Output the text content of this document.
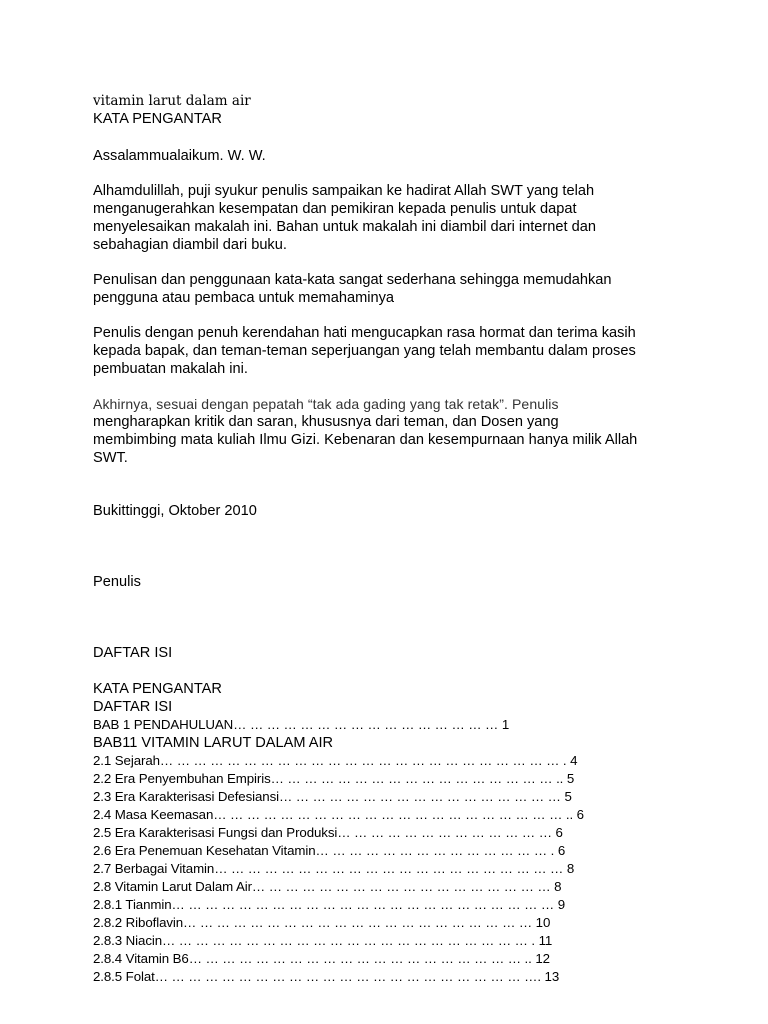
vitamin larut dalam air
KATA PENGANTAR
Assalammualaikum. W. W.
Alhamdulillah, puji syukur penulis sampaikan ke hadirat Allah SWT yang telah
menganugerahkan kesempatan dan pemikiran kepada penulis untuk dapat
menyelesaikan makalah ini. Bahan untuk makalah ini diambil dari internet dan
sebahagian diambil dari buku.
Penulisan dan penggunaan kata-kata sangat sederhana sehingga memudahkan
pengguna atau pembaca untuk memahaminya
Penulis dengan penuh kerendahan hati mengucapkan rasa hormat dan terima kasih
kepada bapak, dan teman-teman seperjuangan yang telah membantu dalam proses
pembuatan makalah ini.
Akhirnya, sesuai dengan pepatah “tak ada gading yang tak retak”. Penulis
mengharapkan kritik dan saran, khususnya dari teman, dan Dosen yang
membimbing mata kuliah Ilmu Gizi. Kebenaran dan kesempurnaan hanya milik Allah
SWT.
Bukittinggi, Oktober 2010
Penulis
DAFTAR ISI
KATA PENGANTAR
DAFTAR ISI
BAB 1 PENDAHULUAN… … … … … … … … … … … … … … … … 1
BAB11 VITAMIN LARUT DALAM AIR
2.1 Sejarah… … … … … … … … … … … … … … … … … … … … … … … … . 4
2.2 Era Penyembuhan Empiris… … … … … … … … … … … … … … … … … .. 5
2.3 Era Karakterisasi Defesiansi… … … … … … … … … … … … … … … … … 5
2.4 Masa Keemasan… … … … … … … … … … … … … … … … … … … … … .. 6
2.5 Era Karakterisasi Fungsi dan Produksi… … … … … … … … … … … … … 6
2.6 Era Penemuan Kesehatan Vitamin… … … … … … … … … … … … … … . 6
2.7 Berbagai Vitamin… … … … … … … … … … … … … … … … … … … … … 8
2.8 Vitamin Larut Dalam Air… … … … … … … … … … … … … … … … … … 8
2.8.1 Tianmin… … … … … … … … … … … … … … … … … … … … … … … 9
2.8.2 Riboflavin… … … … … … … … … … … … … … … … … … … … … 10
2.8.3 Niacin… … … … … … … … … … … … … … … … … … … … … … . 11
2.8.4 Vitamin B6… … … … … … … … … … … … … … … … … … … … .. 12
2.8.5 Folat… … … … … … … … … … … … … … … … … … … … … … …. 13
